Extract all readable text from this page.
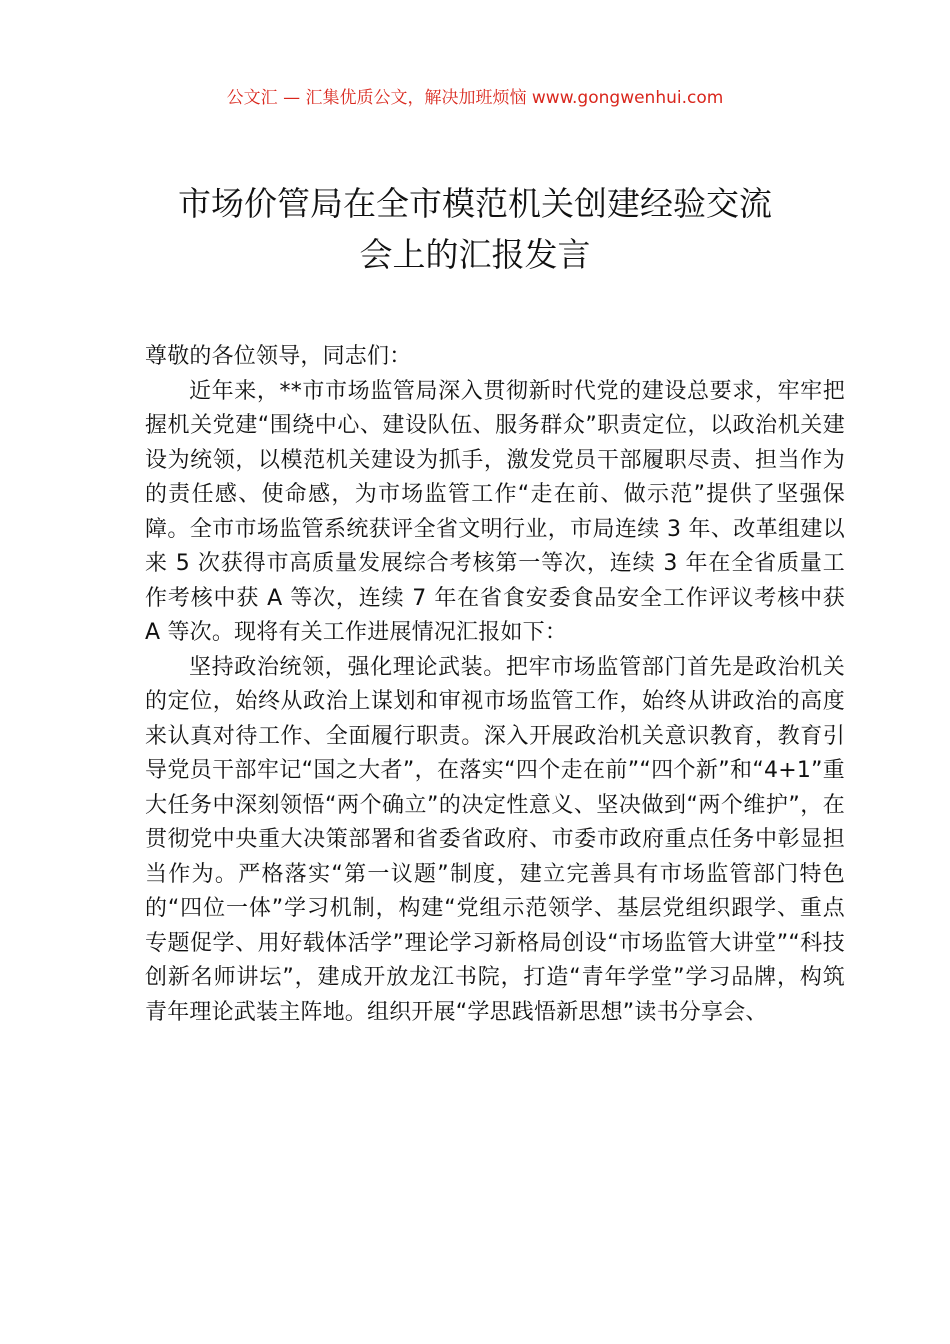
公文汇 — 汇集优质公文，解决加班烦恼 www.gongwenhui.com
市场价管局在全市模范机关创建经验交流
会上的汇报发言

尊敬的各位领导，同志们：

近年来，**市市场监管局深入贯彻新时代党的建设总要求，牢牢把握机关党建“围绕中心、建设队伍、服务群众”职责定位，以政治机关建设为统领，以模范机关建设为抓手，激发党员干部履职尽责、担当作为的责任感、使命感，为市场监管工作“走在前、做示范”提供了坚强保障。全市市场监管系统获评全省文明行业，市局连续 3 年、改革组建以来 5 次获得市高质量发展综合考核第一等次，连续 3 年在全省质量工作考核中获 A 等次，连续 7 年在省食安委食品安全工作评议考核中获 A 等次。现将有关工作进展情况汇报如下：

坚持政治统领，强化理论武装。把牢市场监管部门首先是政治机关的定位，始终从政治上谋划和审视市场监管工作，始终从讲政治的高度来认真对待工作、全面履行职责。深入开展政治机关意识教育，教育引导党员干部牢记“国之大者”，在落实“四个走在前”“四个新”和“4+1”重大任务中深刻领悟“两个确立”的决定性意义、坚决做到“两个维护”，在贯彻党中央重大决策部署和省委省政府、市委市政府重点任务中彰显担当作为。严格落实“第一议题”制度，建立完善具有市场监管部门特色的“四位一体”学习机制，构建“党组示范领学、基层党组织跟学、重点专题促学、用好载体活学”理论学习新格局创设“市场监管大讲堂”“科技创新名师讲坛”，建成开放龙江书院，打造“青年学堂”学习品牌，构筑青年理论武装主阵地。组织开展“学思践悟新思想”读书分享会、
